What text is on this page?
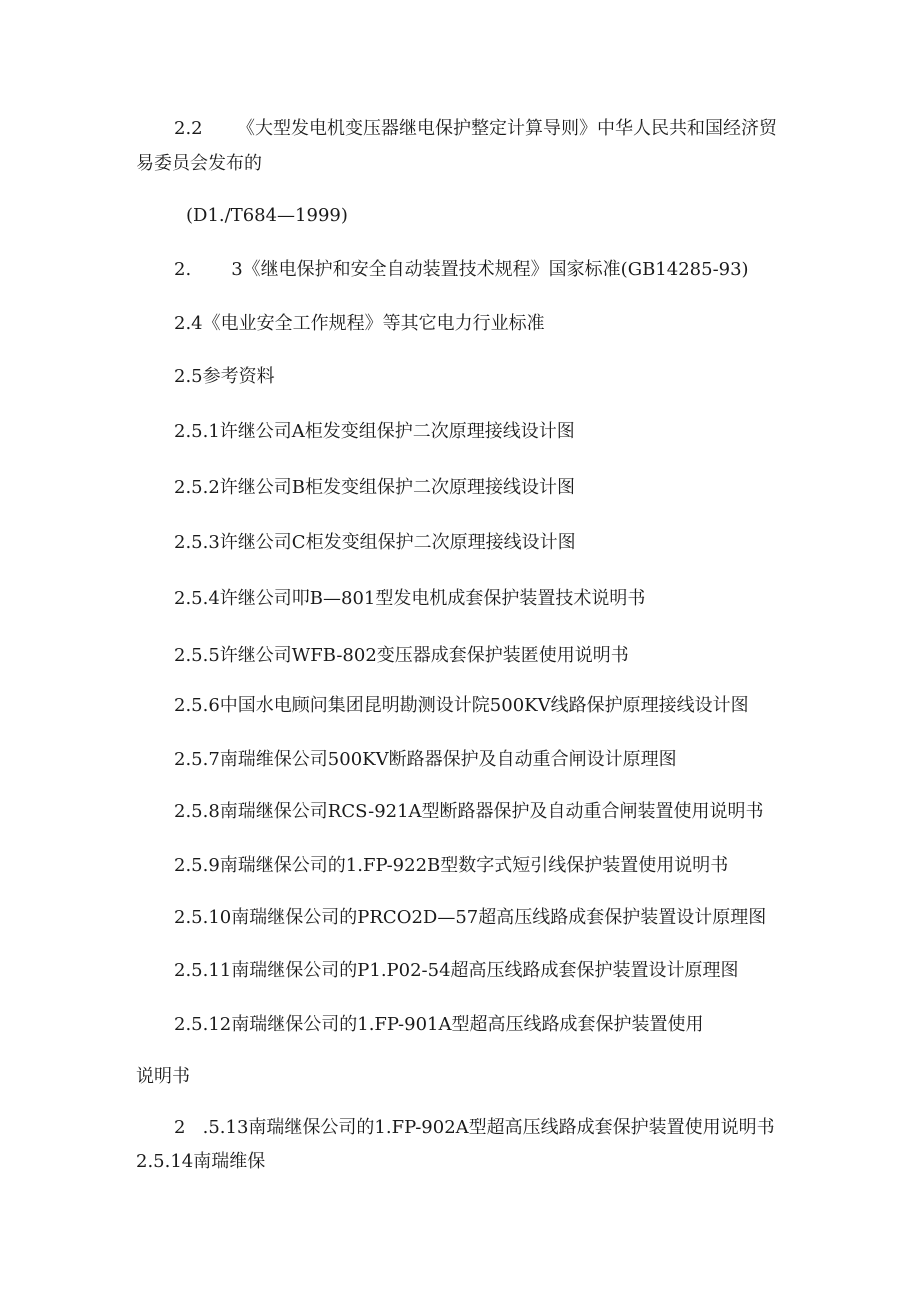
2.2      《大型发电机变压器继电保护整定计算导则》中华人民共和国经济贸
易委员会发布的
(D1./T684—1999)
2.       3《继电保护和安全自动装置技术规程》国家标准(GB14285-93)
2.4《电业安全工作规程》等其它电力行业标准
2.5参考资料
2.5.1许继公司A柜发变组保护二次原理接线设计图
2.5.2许继公司B柜发变组保护二次原理接线设计图
2.5.3许继公司C柜发变组保护二次原理接线设计图
2.5.4许继公司叩B—801型发电机成套保护装置技术说明书
2.5.5许继公司WFB-802变压器成套保护装匿使用说明书
2.5.6中国水电顾问集团昆明勘测设计院500KV线路保护原理接线设计图
2.5.7南瑞维保公司500KV断路器保护及自动重合闸设计原理图
2.5.8南瑞继保公司RCS-921A型断路器保护及自动重合闸装置使用说明书
2.5.9南瑞继保公司的1.FP-922B型数字式短引线保护装置使用说明书
2.5.10南瑞继保公司的PRCO2D—57超高压线路成套保护装置设计原理图
2.5.11南瑞继保公司的P1.P02-54超高压线路成套保护装置设计原理图
2.5.12南瑞继保公司的1.FP-901A型超高压线路成套保护装置使用
说明书
2   .5.13南瑞继保公司的1.FP-902A型超高压线路成套保护装置使用说明书
2.5.14南瑞维保
